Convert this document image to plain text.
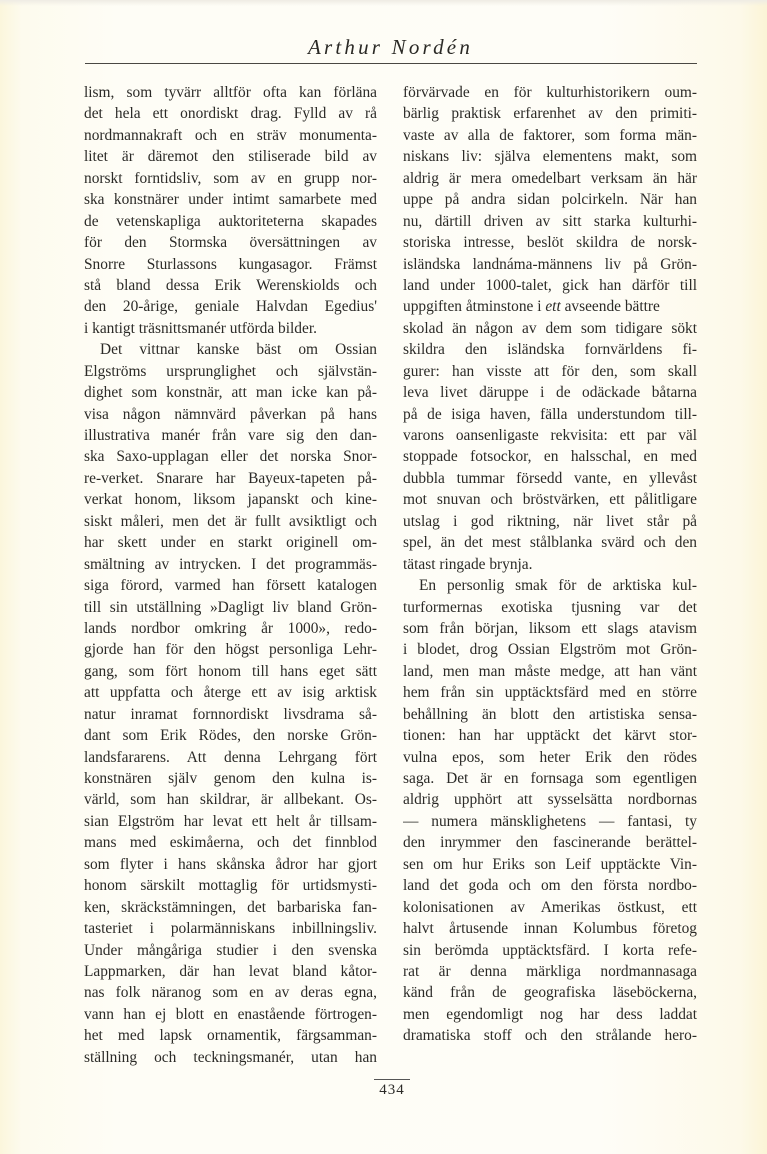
Arthur Nordén
lism, som tyvärr alltför ofta kan förläna
det hela ett onordiskt drag. Fylld av rå
nordmannakraft och en sträv monumenta-
litet är däremot den stiliserade bild av
norskt forntidsliv, som av en grupp nor-
ska konstnärer under intimt samarbete med
de vetenskapliga auktoriteterna skapades
för den Stormska översättningen av
Snorre Sturlassons kungasagor. Främst
stå bland dessa Erik Werenskiolds och
den 20-årige, geniale Halvdan Egedius'
i kantigt träsnittsmanér utförda bilder.
Det vittnar kanske bäst om Ossian
Elgströms ursprunglighet och självstän-
dighet som konstnär, att man icke kan på-
visa någon nämnvärd påverkan på hans
illustrativa manér från vare sig den dan-
ska Saxo-upplagan eller det norska Snor-
re-verket. Snarare har Bayeux-tapeten på-
verkat honom, liksom japanskt och kine-
siskt måleri, men det är fullt avsiktligt och
har skett under en starkt originell om-
smältning av intrycken. I det programmäs-
siga förord, varmed han försett katalogen
till sin utställning »Dagligt liv bland Grön-
lands nordbor omkring år 1000», redo-
gjorde han för den högst personliga Lehr-
gang, som fört honom till hans eget sätt
att uppfatta och återge ett av isig arktisk
natur inramat fornnordiskt livsdrama så-
dant som Erik Rödes, den norske Grön-
landsfararens. Att denna Lehrgang fört
konstnären själv genom den kulna is-
värld, som han skildrar, är allbekant. Os-
sian Elgström har levat ett helt år tillsam-
mans med eskimåerna, och det finnblod
som flyter i hans skånska ådror har gjort
honom särskilt mottaglig för urtidsmysti-
ken, skräckstämningen, det barbariska fan-
tasteriet i polarmänniskans inbillningsliv.
Under mångåriga studier i den svenska
Lappmarken, där han levat bland kåtor-
nas folk näranog som en av deras egna,
vann han ej blott en enastående förtrogen-
het med lapsk ornamentik, färgsamman-
ställning och teckningsmanér, utan han
förvärvade en för kulturhistorikern oum-
bärlig praktisk erfarenhet av den primiti-
vaste av alla de faktorer, som forma män-
niskans liv: själva elementens makt, som
aldrig är mera omedelbart verksam än här
uppe på andra sidan polcirkeln. När han
nu, därtill driven av sitt starka kulturhi-
storiska intresse, beslöt skildra de norsk-
isländska landnáma-männens liv på Grön-
land under 1000-talet, gick han därför till
uppgiften åtminstone i ett avseende bättre
skolad än någon av dem som tidigare sökt
skildra den isländska fornvärldens fi-
gurer: han visste att för den, som skall
leva livet däruppe i de odäckade båtarna
på de isiga haven, fälla understundom till-
varons oansenligaste rekvisita: ett par väl
stoppade fotsockor, en halsschal, en med
dubbla tummar försedd vante, en yllevåst
mot snuvan och bröstvärken, ett pålitligare
utslag i god riktning, när livet står på
spel, än det mest stålblanka svärd och den
tätast ringade brynja.
En personlig smak för de arktiska kul-
turformernas exotiska tjusning var det
som från början, liksom ett slags atavism
i blodet, drog Ossian Elgström mot Grön-
land, men man måste medge, att han vänt
hem från sin upptäcktsfärd med en större
behållning än blott den artistiska sensa-
tionen: han har upptäckt det kärvt stor-
vulna epos, som heter Erik den rödes
saga. Det är en fornsaga som egentligen
aldrig upphört att sysselsätta nordbornas
— numera mänsklighetens — fantasi, ty
den inrymmer den fascinerande berättel-
sen om hur Eriks son Leif upptäckte Vin-
land det goda och om den första nordbo-
kolonisationen av Amerikas östkust, ett
halvt årtusende innan Kolumbus företog
sin berömda upptäcktsfärd. I korta refe-
rat är denna märkliga nordmannasaga
känd från de geografiska läseböckerna,
men egendomligt nog har dess laddat
dramatiska stoff och den strålande hero-
434
